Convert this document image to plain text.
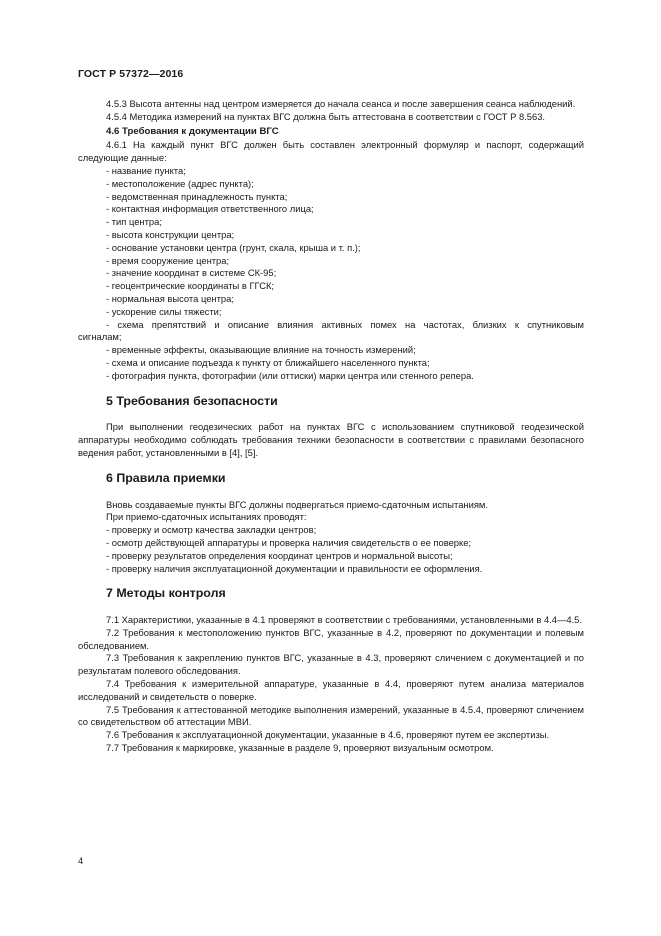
ГОСТ Р 57372—2016

4.5.3 Высота антенны над центром измеряется до начала сеанса и после завершения сеанса наблюдений.

4.5.4 Методика измерений на пунктах ВГС должна быть аттестована в соответствии с ГОСТ Р 8.563.

4.6 Требования к документации ВГС

4.6.1 На каждый пункт ВГС должен быть составлен электронный формуляр и паспорт, содержащий следующие данные:

- название пункта;
- местоположение (адрес пункта);
- ведомственная принадлежность пункта;
- контактная информация ответственного лица;
- тип центра;
- высота конструкции центра;
- основание установки центра (грунт, скала, крыша и т. п.);
- время сооружение центра;
- значение координат в системе СК-95;
- геоцентрические координаты в ГГСК;
- нормальная высота центра;
- ускорение силы тяжести;
- схема препятствий и описание влияния активных помех на частотах, близких к спутниковым
сигналам;
- временные эффекты, оказывающие влияние на точность измерений;
- схема и описание подъезда к пункту от ближайшего населенного пункта;
- фотография пункта, фотографии (или оттиски) марки центра или стенного репера.
5 Требования безопасности

При выполнении геодезических работ на пунктах ВГС с использованием спутниковой геодезической аппаратуры необходимо соблюдать требования техники безопасности в соответствии с правилами безопасного ведения работ, установленными в [4], [5].

6 Правила приемки

Вновь создаваемые пункты ВГС должны подвергаться приемо-сдаточным испытаниям.

При приемо-сдаточных испытаниях проводят:

- проверку и осмотр качества закладки центров;
- осмотр действующей аппаратуры и проверка наличия свидетельств о ее поверке;
- проверку результатов определения координат центров и нормальной высоты;
- проверку наличия эксплуатационной документации и правильности ее оформления.
7 Методы контроля

7.1 Характеристики, указанные в 4.1 проверяют в соответствии с требованиями, установленными в 4.4—4.5.

7.2 Требования к местоположению пунктов ВГС, указанные в 4.2, проверяют по документации и полевым обследованием.

7.3 Требования к закреплению пунктов ВГС, указанные в 4.3, проверяют сличением с документацией и по результатам полевого обследования.

7.4 Требования к измерительной аппаратуре, указанные в 4.4, проверяют путем анализа материалов исследований и свидетельств о поверке.

7.5 Требования к аттестованной методике выполнения измерений, указанные в 4.5.4, проверяют сличением со свидетельством об аттестации МВИ.

7.6 Требования к эксплуатационной документации, указанные в 4.6, проверяют путем ее экспертизы.

7.7 Требования к маркировке, указанные в разделе 9, проверяют визуальным осмотром.

4
